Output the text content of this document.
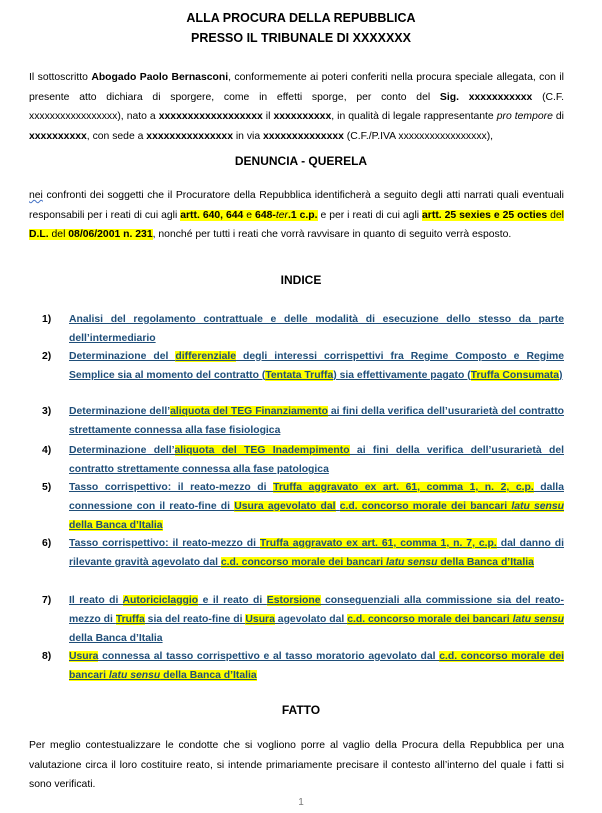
ALLA PROCURA DELLA REPUBBLICA
PRESSO IL TRIBUNALE DI XXXXXXX
Il sottoscritto Abogado Paolo Bernasconi, conformemente ai poteri conferiti nella procura speciale allegata, con il presente atto dichiara di sporgere, come in effetti sporge, per conto del Sig. xxxxxxxxxxx (C.F. xxxxxxxxxxxxxxxxx), nato a xxxxxxxxxxxxxxxxxx il xxxxxxxxxx, in qualità di legale rappresentante pro tempore di xxxxxxxxxx, con sede a xxxxxxxxxxxxxxx in via xxxxxxxxxxxxxx (C.F./P.IVA xxxxxxxxxxxxxxxxx),
DENUNCIA - QUERELA
nei confronti dei soggetti che il Procuratore della Repubblica identificherà a seguito degli atti narrati quali eventuali responsabili per i reati di cui agli artt. 640, 644 e 648-ter.1 c.p. e per i reati di cui agli artt. 25 sexies e 25 octies del D.L. del 08/06/2001 n. 231, nonché per tutti i reati che vorrà ravvisare in quanto di seguito verrà esposto.
INDICE
1) Analisi del regolamento contrattuale e delle modalità di esecuzione dello stesso da parte dell’intermediario
2) Determinazione del differenziale degli interessi corrispettivi fra Regime Composto e Regime Semplice sia al momento del contratto (Tentata Truffa) sia effettivamente pagato (Truffa Consumata)
3) Determinazione dell’aliquota del TEG Finanziamento ai fini della verifica dell’usurarietà del contratto strettamente connessa alla fase fisiologica
4) Determinazione dell’aliquota del TEG Inadempimento ai fini della verifica dell’usurarietà del contratto strettamente connessa alla fase patologica
5) Tasso corrispettivo: il reato-mezzo di Truffa aggravato ex art. 61, comma 1, n. 2, c.p. dalla connessione con il reato-fine di Usura agevolato dal c.d. concorso morale dei bancari latu sensu della Banca d’Italia
6) Tasso corrispettivo: il reato-mezzo di Truffa aggravato ex art. 61, comma 1, n. 7, c.p. dal danno di rilevante gravità agevolato dal c.d. concorso morale dei bancari latu sensu della Banca d’Italia
7) Il reato di Autoriciclaggio e il reato di Estorsione conseguenziali alla commissione sia del reato-mezzo di Truffa sia del reato-fine di Usura agevolato dal c.d. concorso morale dei bancari latu sensu della Banca d’Italia
8) Usura connessa al tasso corrispettivo e al tasso moratorio agevolato dal c.d. concorso morale dei bancari latu sensu della Banca d’Italia
FATTO
Per meglio contestualizzare le condotte che si vogliono porre al vaglio della Procura della Repubblica per una valutazione circa il loro costituire reato, si intende primariamente precisare il contesto all’interno del quale i fatti si sono verificati.
1
